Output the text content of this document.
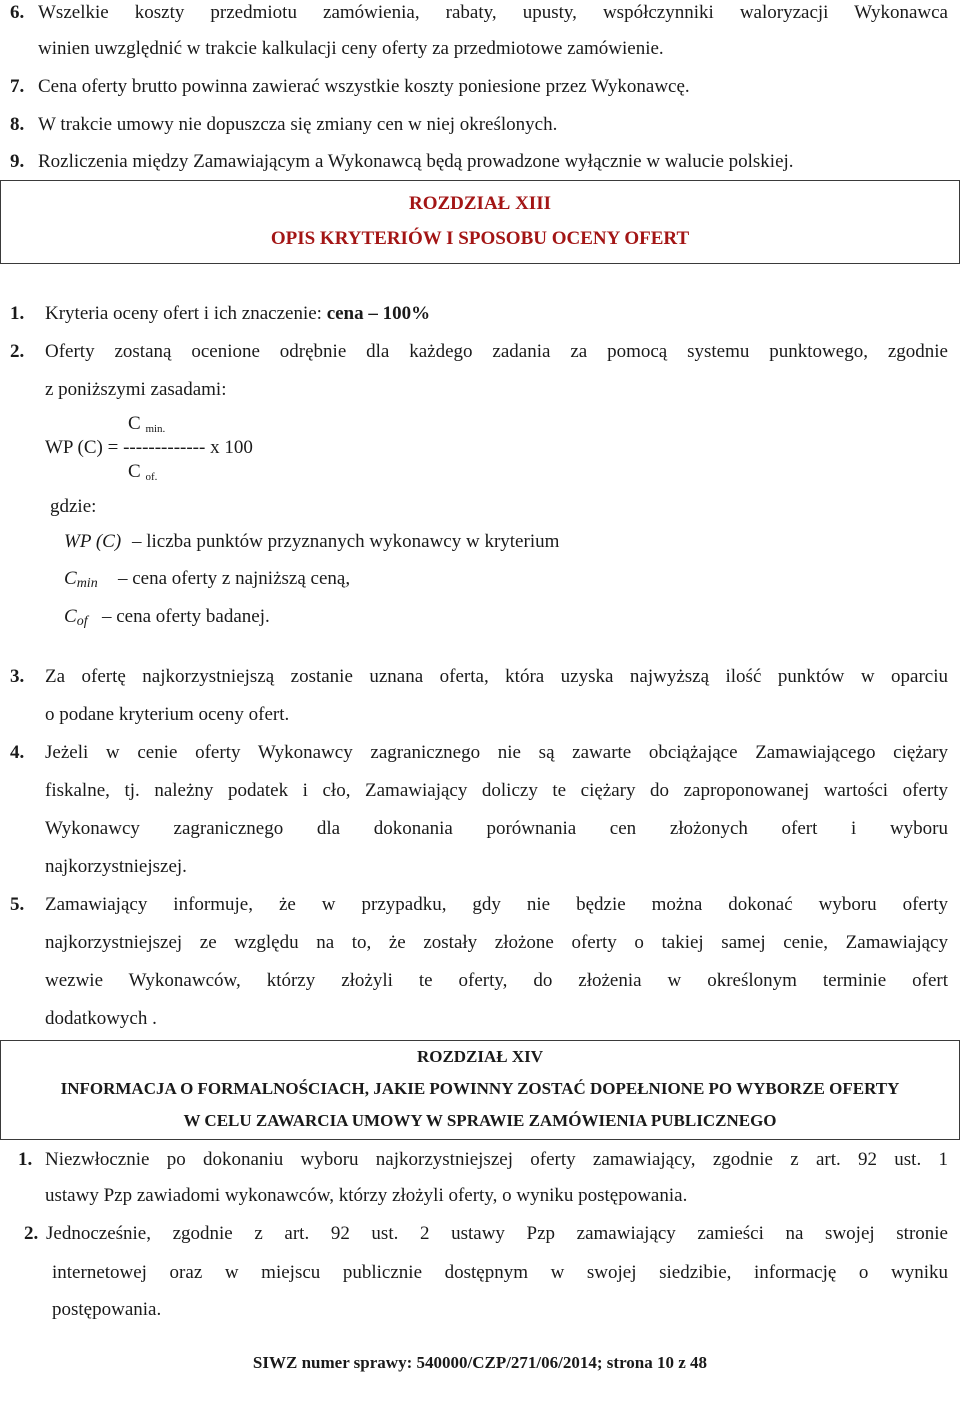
6. Wszelkie koszty przedmiotu zamówienia, rabaty, upusty, współczynniki waloryzacji Wykonawca
winien uwzględnić w trakcie kalkulacji ceny oferty za przedmiotowe zamówienie.
7. Cena oferty brutto powinna zawierać wszystkie koszty poniesione przez Wykonawcę.
8. W trakcie umowy nie dopuszcza się zmiany cen w niej określonych.
9. Rozliczenia między Zamawiającym a Wykonawcą będą prowadzone wyłącznie w walucie polskiej.
ROZDZIAŁ XIII
OPIS KRYTERIÓW I SPOSOBU OCENY OFERT
1. Kryteria oceny ofert i ich znaczenie: cena – 100%
2. Oferty zostaną ocenione odrębnie dla każdego zadania za pomocą systemu punktowego, zgodnie
z poniższymi zasadami:
C min.
WP (C) = ------------- x 100
C of.
gdzie:
WP (C) – liczba punktów przyznanych wykonawcy w kryterium
Cmin – cena oferty z najniższą ceną,
Cof – cena oferty badanej.
3. Za ofertę najkorzystniejszą zostanie uznana oferta, która uzyska najwyższą ilość punktów w oparciu
o podane kryterium oceny ofert.
4. Jeżeli w cenie oferty Wykonawcy zagranicznego nie są zawarte obciążające Zamawiającego ciężary
fiskalne, tj. należny podatek i cło, Zamawiający doliczy te ciężary do zaproponowanej wartości oferty
Wykonawcy zagranicznego dla dokonania porównania cen złożonych ofert i wyboru
najkorzystniejszej.
5. Zamawiający informuje, że w przypadku, gdy nie będzie można dokonać wyboru oferty
najkorzystniejszej ze względu na to, że zostały złożone oferty o takiej samej cenie, Zamawiający
wezwie Wykonawców, którzy złożyli te oferty, do złożenia w określonym terminie ofert
dodatkowych .
ROZDZIAŁ XIV
INFORMACJA O FORMALNOŚCIACH, JAKIE POWINNY ZOSTAĆ DOPEŁNIONE PO WYBORZE OFERTY
W CELU ZAWARCIA UMOWY W SPRAWIE ZAMÓWIENIA PUBLICZNEGO
1. Niezwłocznie po dokonaniu wyboru najkorzystniejszej oferty zamawiający, zgodnie z art. 92 ust. 1
ustawy Pzp zawiadomi wykonawców, którzy złożyli oferty, o wyniku postępowania.
2. Jednocześnie, zgodnie z art. 92 ust. 2 ustawy Pzp zamawiający zamieści na swojej stronie
internetowej oraz w miejscu publicznie dostępnym w swojej siedzibie, informację o wyniku
postępowania.
SIWZ numer sprawy: 540000/CZP/271/06/2014; strona 10 z 48
